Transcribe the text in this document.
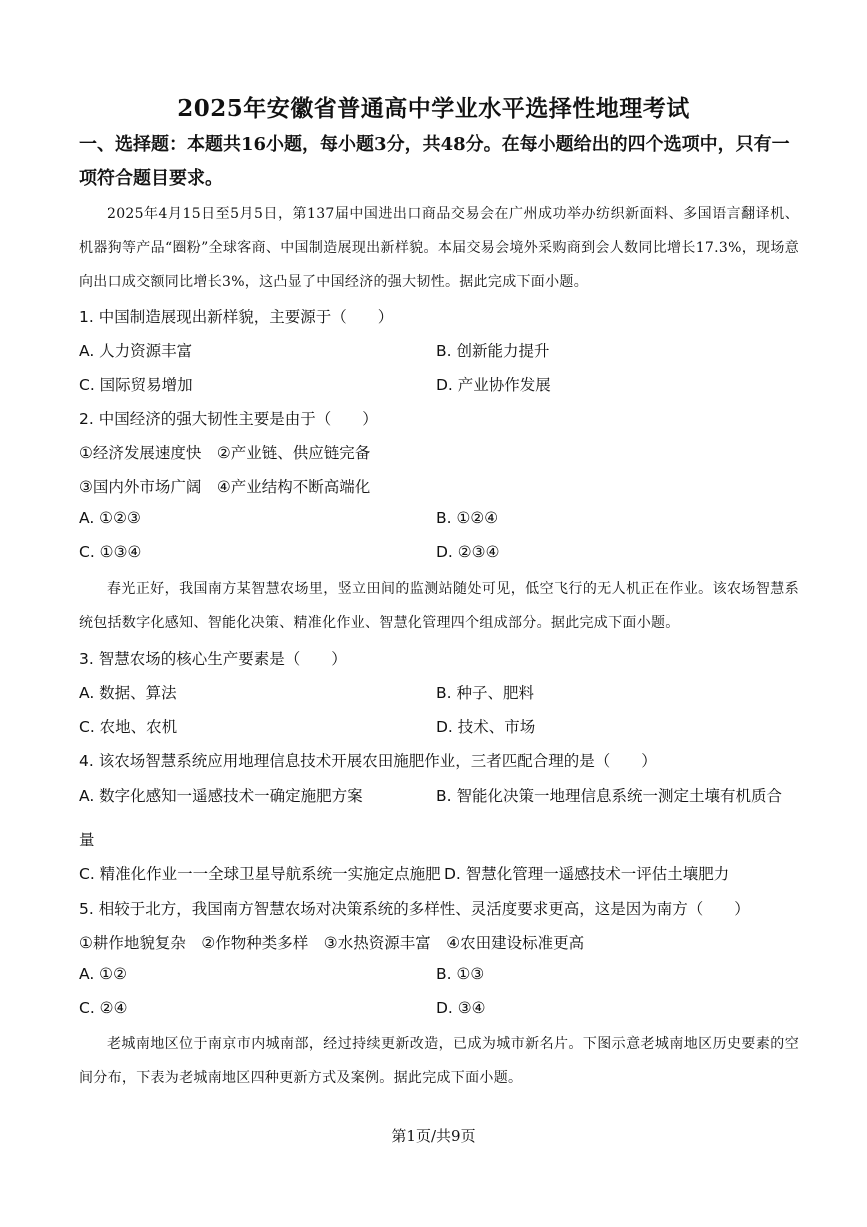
2025年安徽省普通高中学业水平选择性地理考试
一、选择题：本题共16小题，每小题3分，共48分。在每小题给出的四个选项中，只有一项符合题目要求。
2025年4月15日至5月5日，第137届中国进出口商品交易会在广州成功举办纺织新面料、多国语言翻译机、机器狗等产品“圈粉”全球客商、中国制造展现出新样貌。本届交易会境外采购商到会人数同比增长17.3%，现场意向出口成交额同比增长3%，这凸显了中国经济的强大韧性。据此完成下面小题。
1. 中国制造展现出新样貌，主要源于（　　）
A. 人力资源丰富	B. 创新能力提升
C. 国际贸易增加	D. 产业协作发展
2. 中国经济的强大韧性主要是由于（　　）
①经济发展速度快　②产业链、供应链完备
③国内外市场广阔　④产业结构不断高端化
A. ①②③	B. ①②④
C. ①③④	D. ②③④
春光正好，我国南方某智慧农场里，竖立田间的监测站随处可见，低空飞行的无人机正在作业。该农场智慧系统包括数字化感知、智能化决策、精准化作业、智慧化管理四个组成部分。据此完成下面小题。
3. 智慧农场的核心生产要素是（　　）
A. 数据、算法	B. 种子、肥料
C. 农地、农机	D. 技术、市场
4. 该农场智慧系统应用地理信息技术开展农田施肥作业，三者匹配合理的是（　　）
A. 数字化感知一遥感技术一确定施肥方案	B. 智能化决策一地理信息系统一测定土壤有机质合
量
C. 精准化作业一一全球卫星导航系统一实施定点施肥 D. 智慧化管理一遥感技术一评估土壤肥力
5. 相较于北方，我国南方智慧农场对决策系统的多样性、灵活度要求更高，这是因为南方（　　）
①耕作地貌复杂　②作物种类多样　③水热资源丰富　④农田建设标准更高
A. ①②	B. ①③
C. ②④	D. ③④
老城南地区位于南京市内城南部，经过持续更新改造，已成为城市新名片。下图示意老城南地区历史要素的空间分布，下表为老城南地区四种更新方式及案例。据此完成下面小题。
第1页/共9页
